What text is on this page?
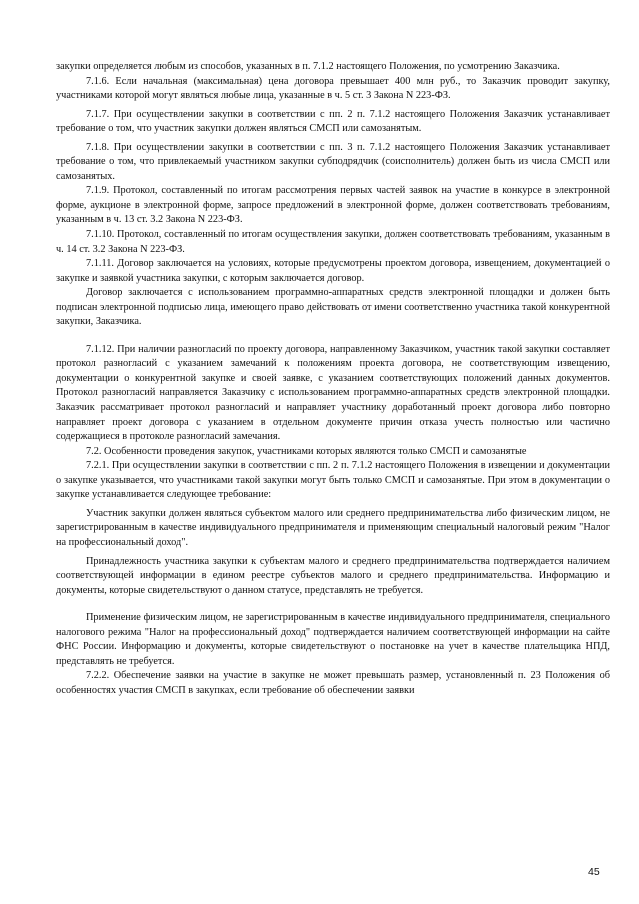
закупки определяется любым из способов, указанных в п. 7.1.2 настоящего Положения, по усмотрению Заказчика.

7.1.6. Если начальная (максимальная) цена договора превышает 400 млн руб., то Заказчик проводит закупку, участниками которой могут являться любые лица, указанные в ч. 5 ст. 3 Закона N 223-ФЗ.

7.1.7. При осуществлении закупки в соответствии с пп. 2 п. 7.1.2 настоящего Положения Заказчик устанавливает требование о том, что участник закупки должен являться СМСП или самозанятым.

7.1.8. При осуществлении закупки в соответствии с пп. 3 п. 7.1.2 настоящего Положения Заказчик устанавливает требование о том, что привлекаемый участником закупки субподрядчик (соисполнитель) должен быть из числа СМСП или самозанятых.

7.1.9. Протокол, составленный по итогам рассмотрения первых частей заявок на участие в конкурсе в электронной форме, аукционе в электронной форме, запросе предложений в электронной форме, должен соответствовать требованиям, указанным в ч. 13 ст. 3.2 Закона N 223-ФЗ.

7.1.10. Протокол, составленный по итогам осуществления закупки, должен соответствовать требованиям, указанным в ч. 14 ст. 3.2 Закона N 223-ФЗ.

7.1.11. Договор заключается на условиях, которые предусмотрены проектом договора, извещением, документацией о закупке и заявкой участника закупки, с которым заключается договор.

Договор заключается с использованием программно-аппаратных средств электронной площадки и должен быть подписан электронной подписью лица, имеющего право действовать от имени соответственно участника такой конкурентной закупки, Заказчика.

7.1.12. При наличии разногласий по проекту договора, направленному Заказчиком, участник такой закупки составляет протокол разногласий с указанием замечаний к положениям проекта договора, не соответствующим извещению, документации о конкурентной закупке и своей заявке, с указанием соответствующих положений данных документов. Протокол разногласий направляется Заказчику с использованием программно-аппаратных средств электронной площадки. Заказчик рассматривает протокол разногласий и направляет участнику доработанный проект договора либо повторно направляет проект договора с указанием в отдельном документе причин отказа учесть полностью или частично содержащиеся в протоколе разногласий замечания.

7.2. Особенности проведения закупок, участниками которых являются только СМСП и самозанятые

7.2.1. При осуществлении закупки в соответствии с пп. 2 п. 7.1.2 настоящего Положения в извещении и документации о закупке указывается, что участниками такой закупки могут быть только СМСП и самозанятые. При этом в документации о закупке устанавливается следующее требование:

Участник закупки должен являться субъектом малого или среднего предпринимательства либо физическим лицом, не зарегистрированным в качестве индивидуального предпринимателя и применяющим специальный налоговый режим "Налог на профессиональный доход".

Принадлежность участника закупки к субъектам малого и среднего предпринимательства подтверждается наличием соответствующей информации в едином реестре субъектов малого и среднего предпринимательства. Информацию и документы, которые свидетельствуют о данном статусе, представлять не требуется.

Применение физическим лицом, не зарегистрированным в качестве индивидуального предпринимателя, специального налогового режима "Налог на профессиональный доход" подтверждается наличием соответствующей информации на сайте ФНС России. Информацию и документы, которые свидетельствуют о постановке на учет в качестве плательщика НПД, представлять не требуется.

7.2.2. Обеспечение заявки на участие в закупке не может превышать размер, установленный п. 23 Положения об особенностях участия СМСП в закупках, если требование об обеспечении заявки

45
